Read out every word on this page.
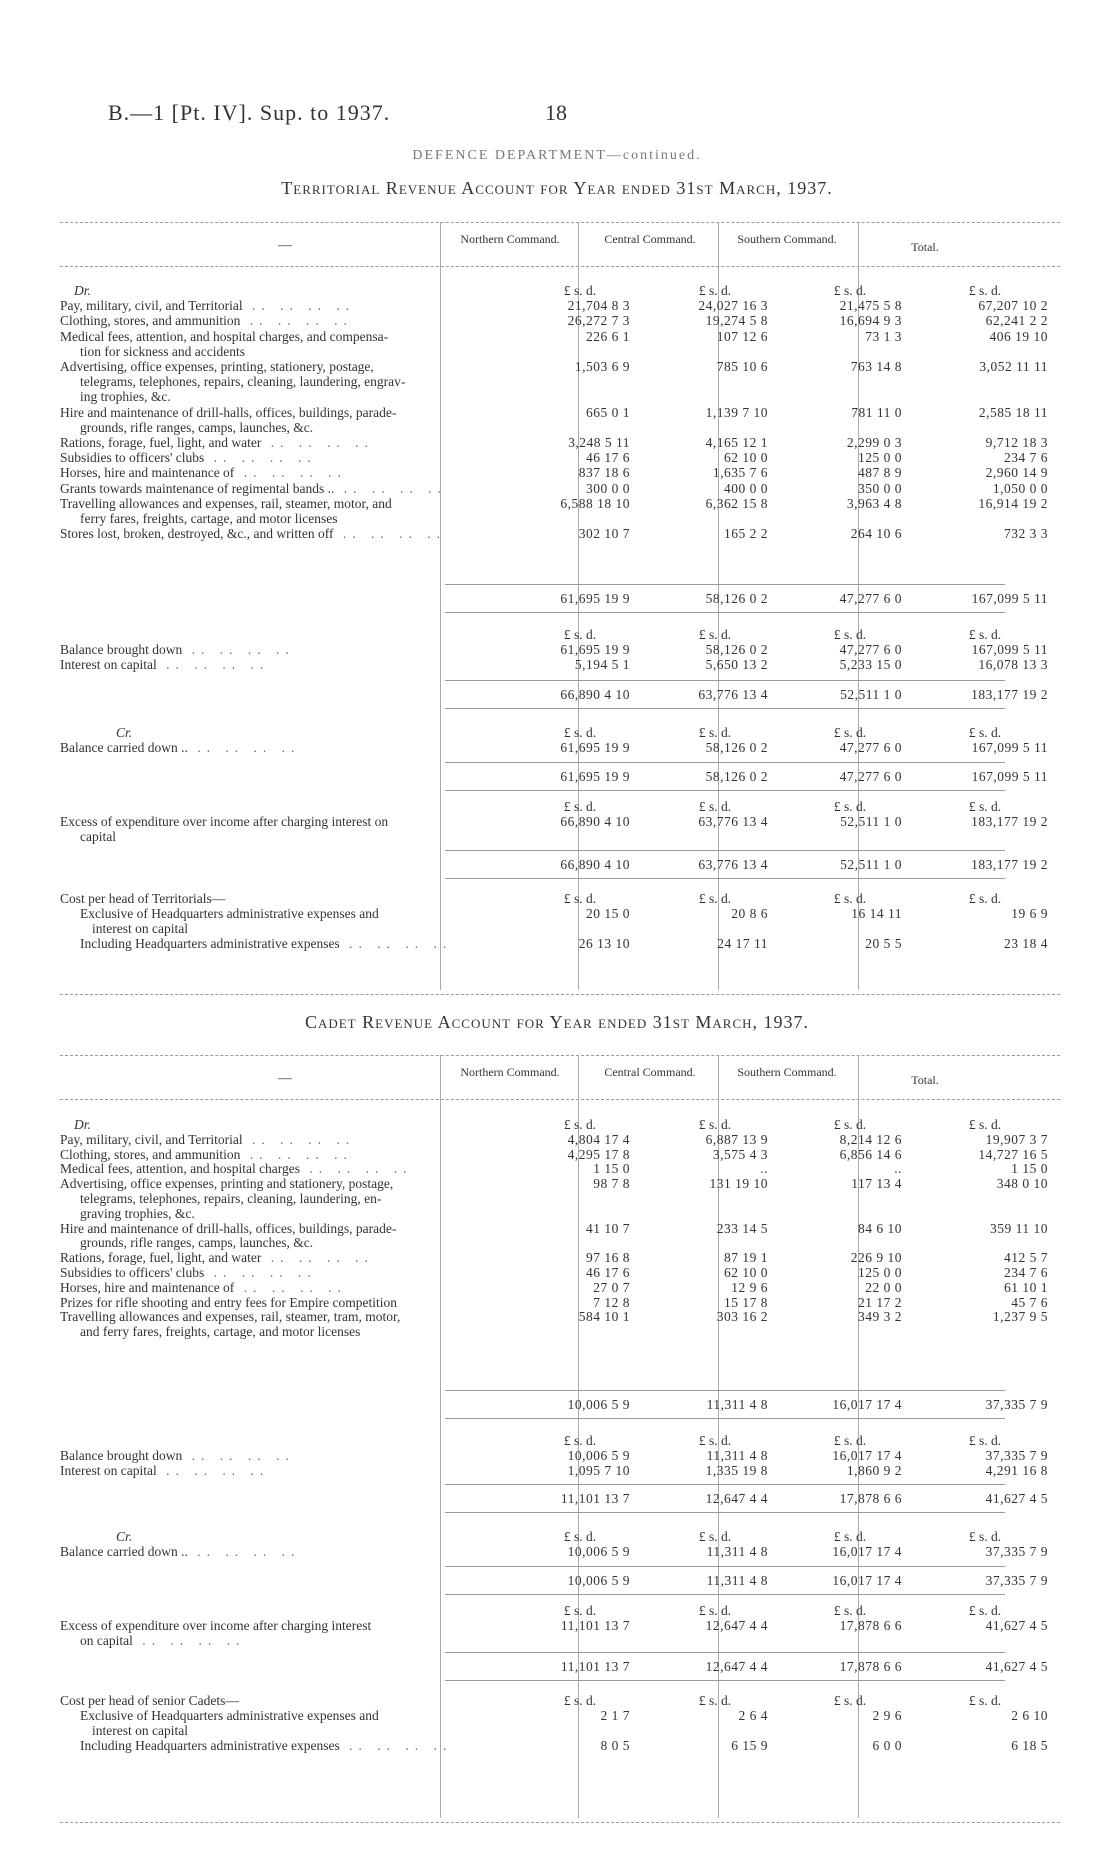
B.—1 [Pt. IV]. Sup. to 1937.	18
DEFENCE DEPARTMENT—continued.
Territorial Revenue Account for Year ended 31st March, 1937.
—	Northern Command.	Central Command.	Southern Command.
Total.
Dr.	£ s. d.	£ s. d.	£ s. d.	£ s. d.
Pay, military, civil, and Territorial .. .. .. ..	21,704 8 3	24,027 16 3	21,475 5 8	67,207 10 2
Clothing, stores, and ammunition .. .. .. ..	26,272 7 3	19,274 5 8	16,694 9 3	62,241 2 2
Medical fees, attention, and hospital charges, and compensa-	226 6 1	107 12 6	73 1 3	406 19 10
tion for sickness and accidents
Advertising, office expenses, printing, stationery, postage,	1,503 6 9	785 10 6	763 14 8	3,052 11 11
telegrams, telephones, repairs, cleaning, laundering, engrav-
ing trophies, &c.
Hire and maintenance of drill-halls, offices, buildings, parade-	665 0 1	1,139 7 10	781 11 0	2,585 18 11
grounds, rifle ranges, camps, launches, &c.
Rations, forage, fuel, light, and water .. .. .. ..	3,248 5 11	4,165 12 1	2,299 0 3	9,712 18 3
Subsidies to officers' clubs .. .. .. ..	46 17 6	62 10 0	125 0 0	234 7 6
Horses, hire and maintenance of .. .. .. ..	837 18 6	1,635 7 6	487 8 9	2,960 14 9
Grants towards maintenance of regimental bands .. .. .. .. ..	300 0 0	400 0 0	350 0 0	1,050 0 0
Travelling allowances and expenses, rail, steamer, motor, and	6,588 18 10	6,362 15 8	3,963 4 8	16,914 19 2
ferry fares, freights, cartage, and motor licenses
Stores lost, broken, destroyed, &c., and written off .. .. .. ..	302 10 7	165 2 2	264 10 6	732 3 3
61,695 19 9	58,126 0 2	47,277 6 0	167,099 5 11
£ s. d.	£ s. d.	£ s. d.	£ s. d.
Balance brought down .. .. .. ..	61,695 19 9	58,126 0 2	47,277 6 0	167,099 5 11
Interest on capital .. .. .. ..	5,194 5 1	5,650 13 2	5,233 15 0	16,078 13 3
66,890 4 10	63,776 13 4	52,511 1 0	183,177 19 2
Cr.	£ s. d.	£ s. d.	£ s. d.	£ s. d.
Balance carried down .. .. .. .. ..	61,695 19 9	58,126 0 2	47,277 6 0	167,099 5 11
61,695 19 9	58,126 0 2	47,277 6 0	167,099 5 11
£ s. d.	£ s. d.	£ s. d.	£ s. d.
Excess of expenditure over income after charging interest on	66,890 4 10	63,776 13 4	52,511 1 0	183,177 19 2
capital
66,890 4 10	63,776 13 4	52,511 1 0	183,177 19 2
Cost per head of Territorials—	£ s. d.	£ s. d.	£ s. d.	£ s. d.
Exclusive of Headquarters administrative expenses and	20 15 0	20 8 6	16 14 11	19 6 9
interest on capital
Including Headquarters administrative expenses .. .. .. ..	26 13 10	24 17 11	20 5 5	23 18 4
Cadet Revenue Account for Year ended 31st March, 1937.
—	Northern Command.	Central Command.	Southern Command.
Total.
Dr.	£ s. d.	£ s. d.	£ s. d.	£ s. d.
Pay, military, civil, and Territorial .. .. .. ..	4,804 17 4	6,887 13 9	8,214 12 6	19,907 3 7
Clothing, stores, and ammunition .. .. .. ..	4,295 17 8	3,575 4 3	6,856 14 6	14,727 16 5
Medical fees, attention, and hospital charges .. .. .. ..	1 15 0	..	..	1 15 0
Advertising, office expenses, printing and stationery, postage,	98 7 8	131 19 10	117 13 4	348 0 10
telegrams, telephones, repairs, cleaning, laundering, en-
graving trophies, &c.
Hire and maintenance of drill-halls, offices, buildings, parade-	41 10 7	233 14 5	84 6 10	359 11 10
grounds, rifle ranges, camps, launches, &c.
Rations, forage, fuel, light, and water .. .. .. ..	97 16 8	87 19 1	226 9 10	412 5 7
Subsidies to officers' clubs .. .. .. ..	46 17 6	62 10 0	125 0 0	234 7 6
Horses, hire and maintenance of .. .. .. ..	27 0 7	12 9 6	22 0 0	61 10 1
Prizes for rifle shooting and entry fees for Empire competition	7 12 8	15 17 8	21 17 2	45 7 6
Travelling allowances and expenses, rail, steamer, tram, motor,	584 10 1	303 16 2	349 3 2	1,237 9 5
and ferry fares, freights, cartage, and motor licenses
10,006 5 9	11,311 4 8	16,017 17 4	37,335 7 9
£ s. d.	£ s. d.	£ s. d.	£ s. d.
Balance brought down .. .. .. ..	10,006 5 9	11,311 4 8	16,017 17 4	37,335 7 9
Interest on capital .. .. .. ..	1,095 7 10	1,335 19 8	1,860 9 2	4,291 16 8
11,101 13 7	12,647 4 4	17,878 6 6	41,627 4 5
Cr.	£ s. d.	£ s. d.	£ s. d.	£ s. d.
Balance carried down .. .. .. .. ..	10,006 5 9	11,311 4 8	16,017 17 4	37,335 7 9
10,006 5 9	11,311 4 8	16,017 17 4	37,335 7 9
£ s. d.	£ s. d.	£ s. d.	£ s. d.
Excess of expenditure over income after charging interest	11,101 13 7	12,647 4 4	17,878 6 6	41,627 4 5
on capital .. .. .. ..
11,101 13 7	12,647 4 4	17,878 6 6	41,627 4 5
Cost per head of senior Cadets—	£ s. d.	£ s. d.	£ s. d.	£ s. d.
Exclusive of Headquarters administrative expenses and	2 1 7	2 6 4	2 9 6	2 6 10
interest on capital
Including Headquarters administrative expenses .. .. .. ..	8 0 5	6 15 9	6 0 0	6 18 5
